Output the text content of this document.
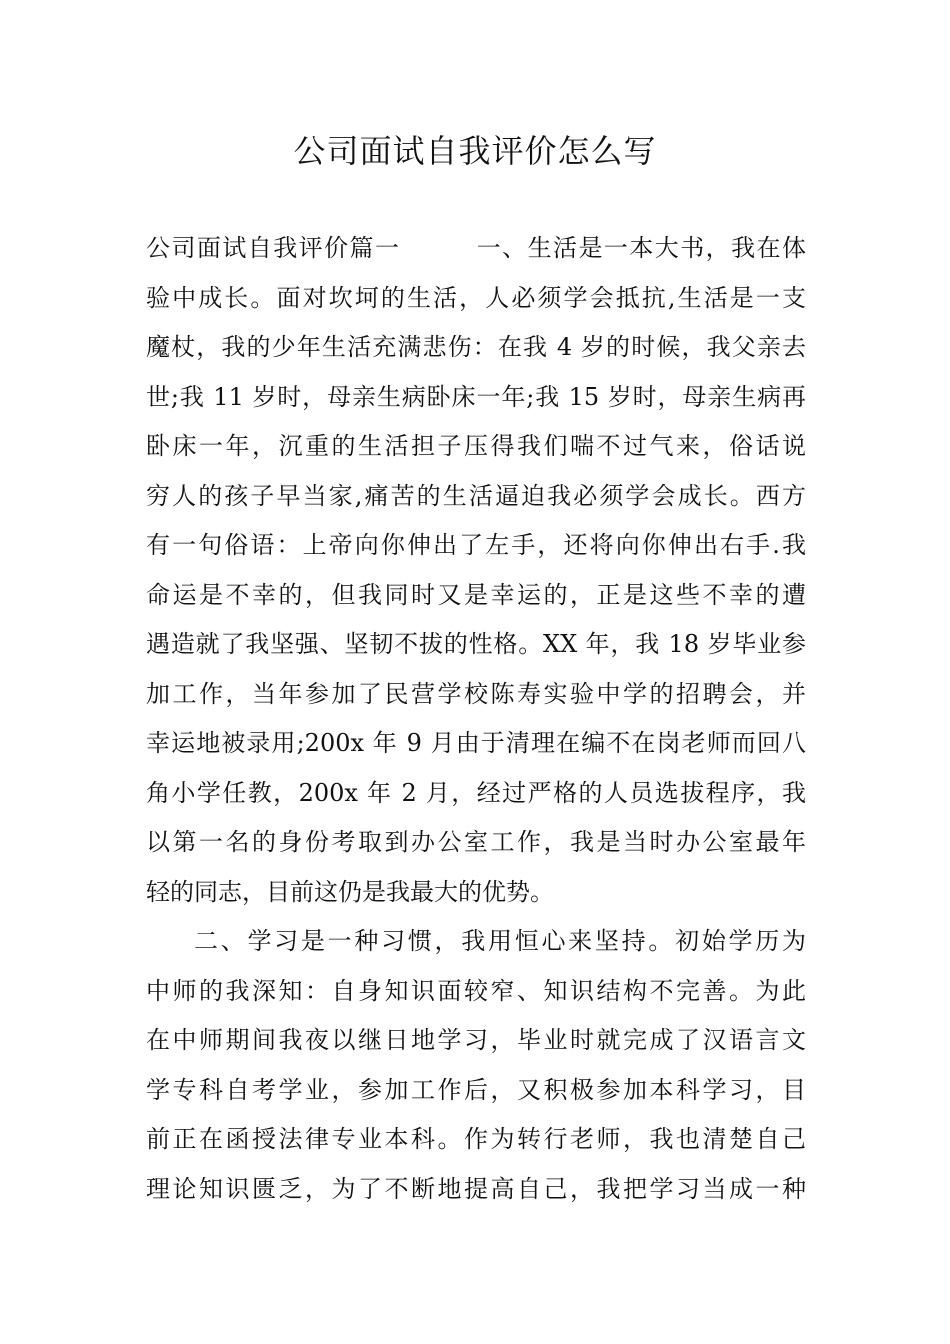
公司面试自我评价怎么写
公司面试自我评价篇一　　　一、生活是一本大书，我在体
验中成长。面对坎坷的生活，人必须学会抵抗,生活是一支
魔杖，我的少年生活充满悲伤：在我 4 岁的时候，我父亲去
世;我 11 岁时，母亲生病卧床一年;我 15 岁时，母亲生病再
卧床一年，沉重的生活担子压得我们喘不过气来，俗话说
穷人的孩子早当家,痛苦的生活逼迫我必须学会成长。西方
有一句俗语：上帝向你伸出了左手，还将向你伸出右手.我
命运是不幸的，但我同时又是幸运的，正是这些不幸的遭
遇造就了我坚强、坚韧不拔的性格。XX 年，我 18 岁毕业参
加工作，当年参加了民营学校陈寿实验中学的招聘会，并
幸运地被录用;200x 年 9 月由于清理在编不在岗老师而回八
角小学任教，200x 年 2 月，经过严格的人员选拔程序，我
以第一名的身份考取到办公室工作，我是当时办公室最年
轻的同志，目前这仍是我最大的优势。
二、学习是一种习惯，我用恒心来坚持。初始学历为
中师的我深知：自身知识面较窄、知识结构不完善。为此
在中师期间我夜以继日地学习，毕业时就完成了汉语言文
学专科自考学业，参加工作后，又积极参加本科学习，目
前正在函授法律专业本科。作为转行老师，我也清楚自己
理论知识匮乏，为了不断地提高自己，我把学习当成一种
